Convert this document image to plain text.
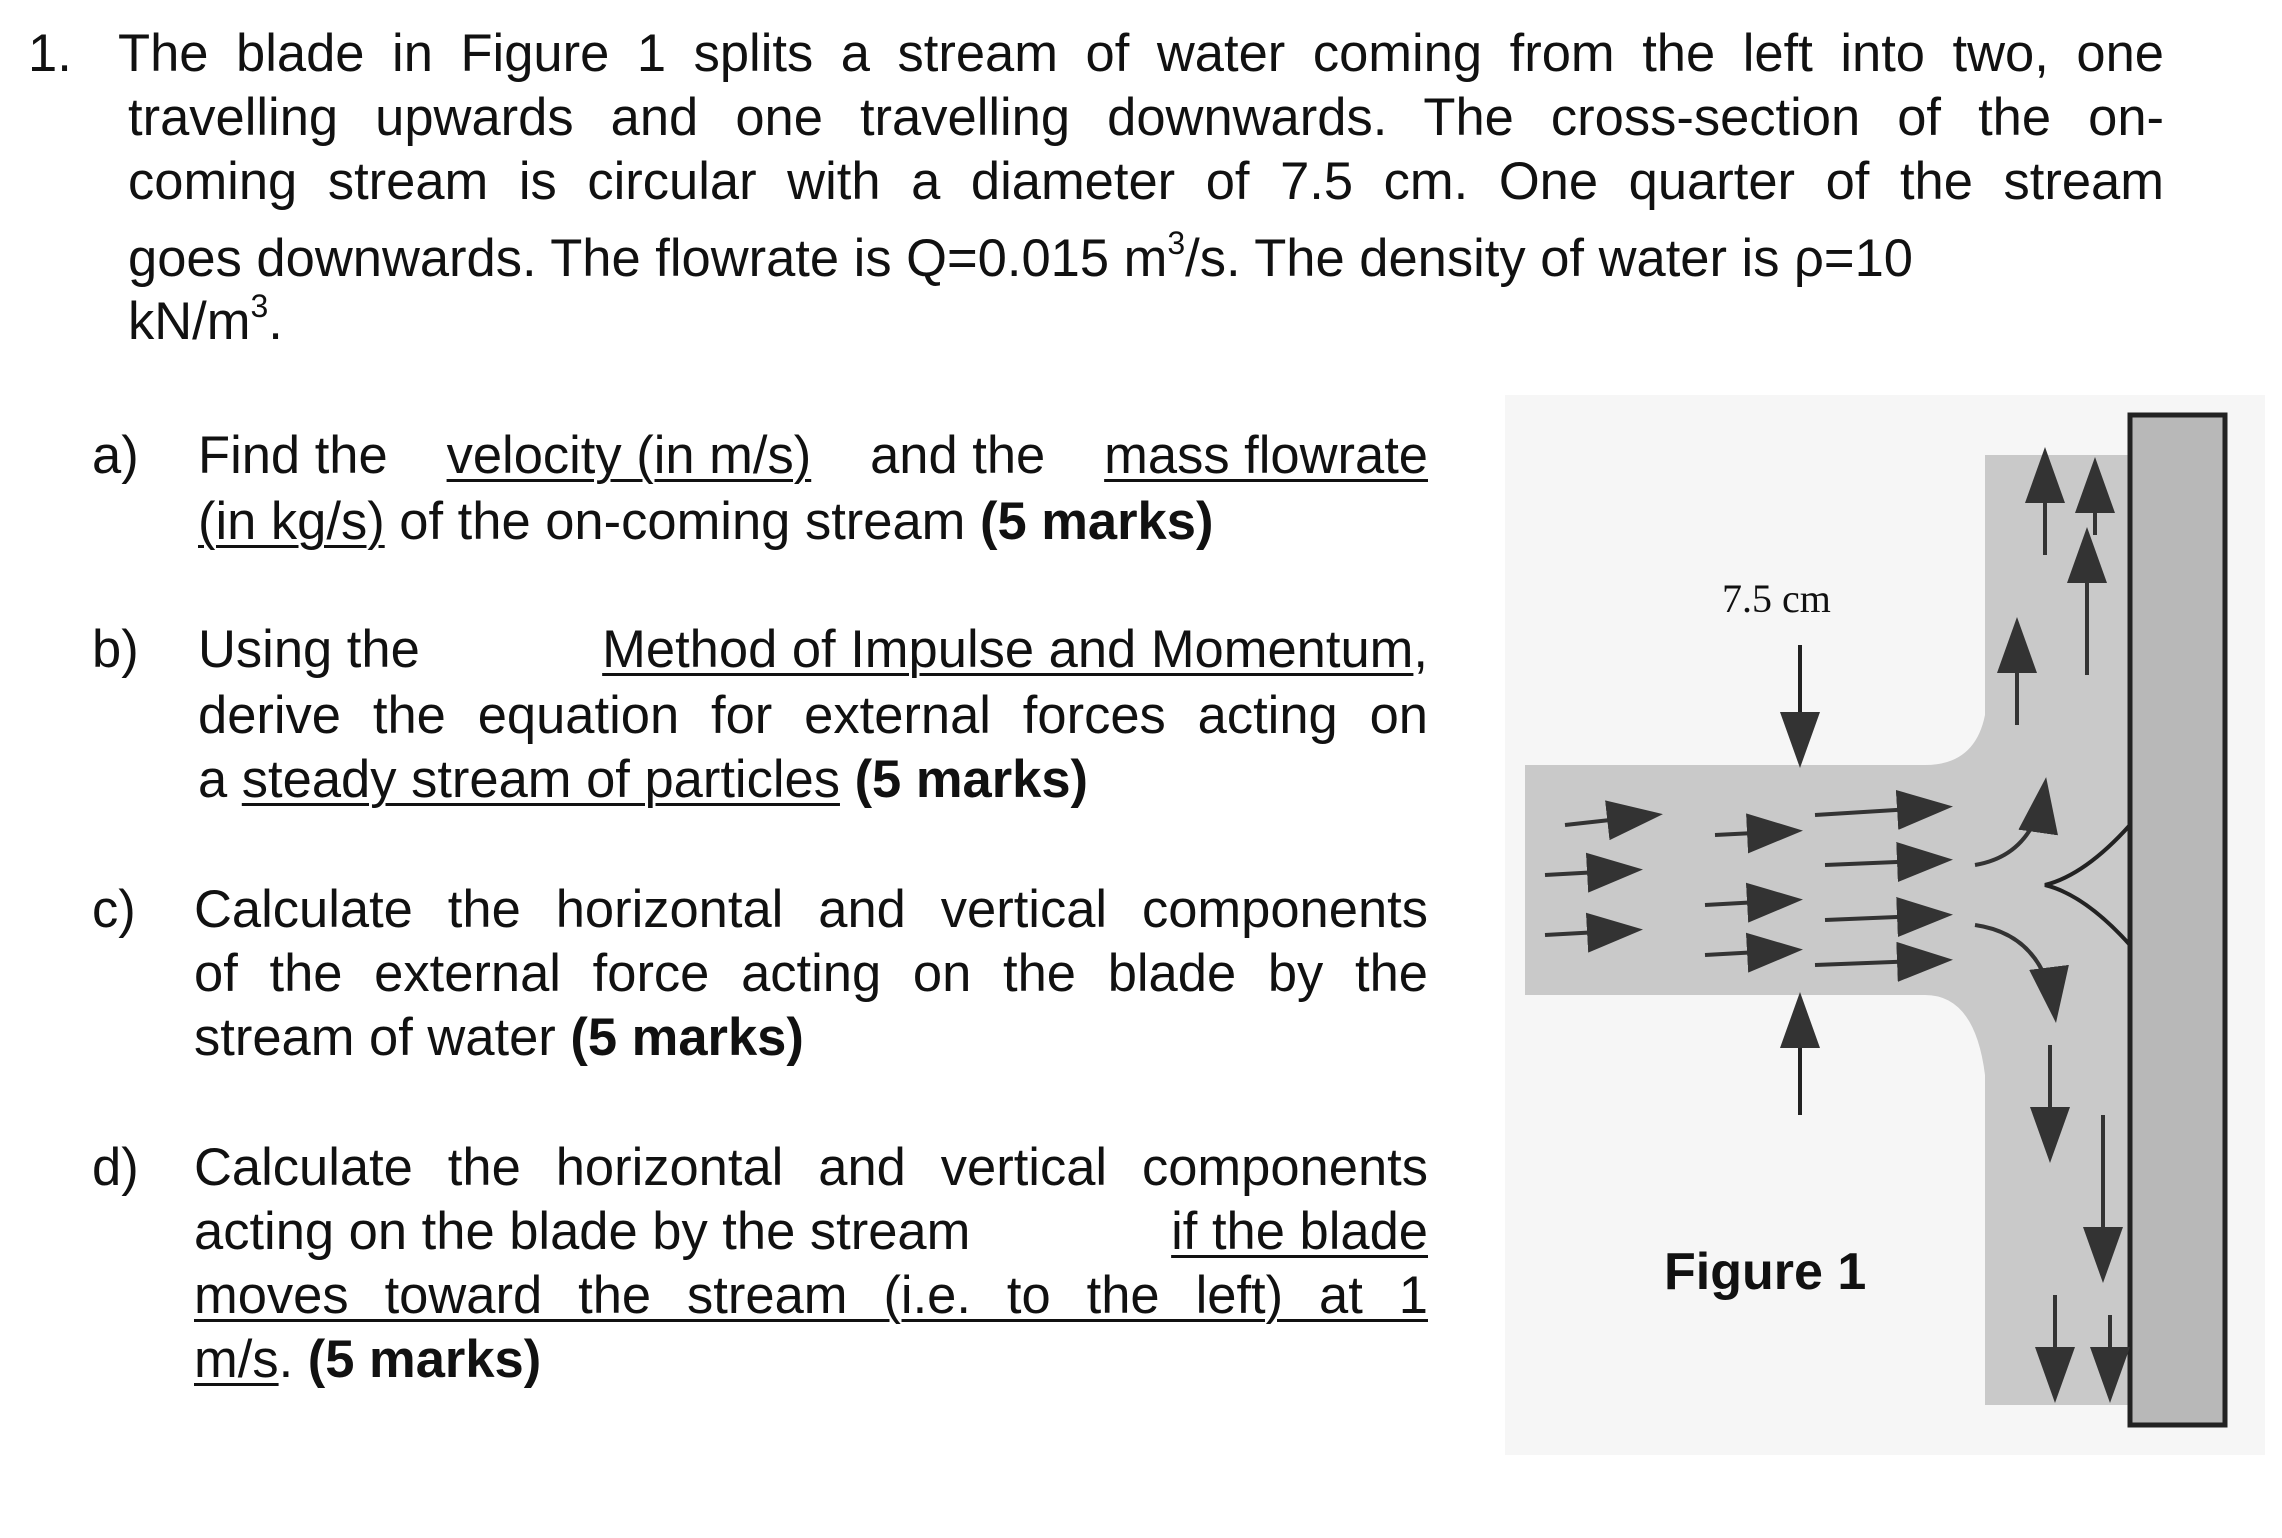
1. The blade in Figure 1 splits a stream of water coming from the left into two, one
travelling upwards and one travelling downwards. The cross-section of the on-
coming stream is circular with a diameter of 7.5 cm. One quarter of the stream
goes downwards. The flowrate is Q=0.015 $m^3/s$. The density of water is ρ=10
$kN/m^3$.
a) Find the velocity (in m/s) and the mass flowrate
(in kg/s) of the on-coming stream (5 marks)
b) Using the	Method of Impulse and Momentum,
derive the equation for external forces acting on
a steady stream of particles (5 marks)
c) Calculate the horizontal and vertical components
of the external force acting on the blade by the
stream of water (5 marks)
d) Calculate the horizontal and vertical components
acting on the blade by the stream	if the blade
moves toward the stream (i.e. to the left) at 1
m/s. (5 marks)
7.5 cm
Figure 1
